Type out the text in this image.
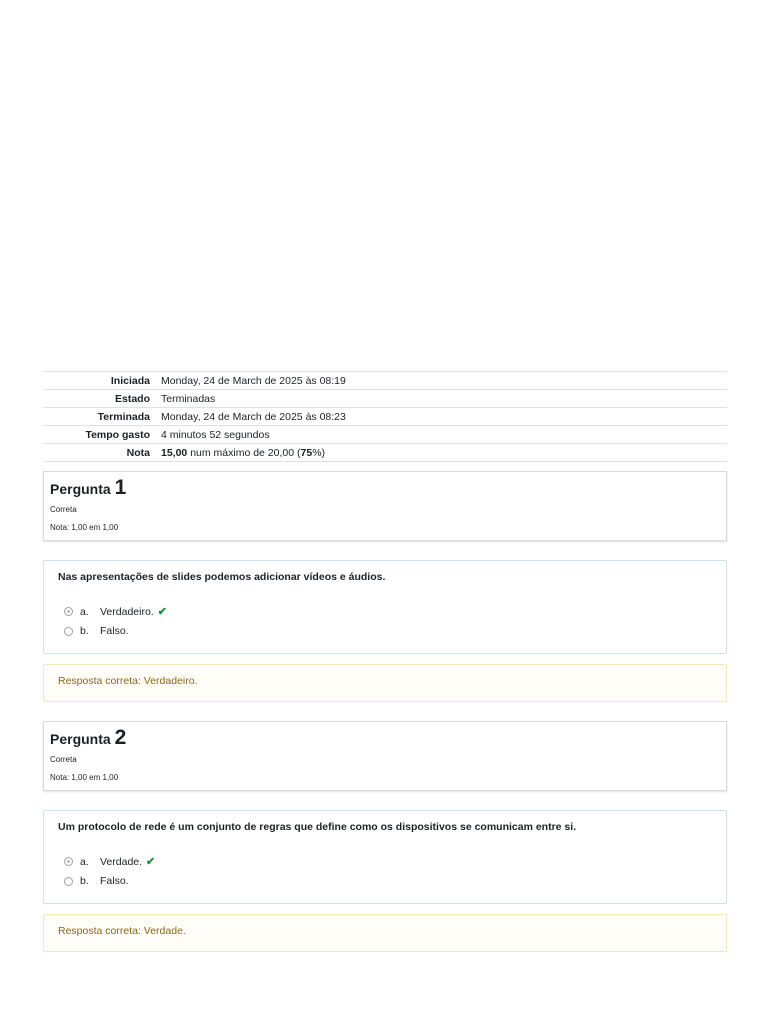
Iniciada	Monday, 24 de March de 2025 às 08:19
Estado	Terminadas
Terminada	Monday, 24 de March de 2025 às 08:23
Tempo gasto	4 minutos 52 segundos
Nota	15,00 num máximo de 20,00 (75%)
Pergunta 1
Correta
Nota: 1,00 em 1,00
Nas apresentações de slides podemos adicionar vídeos e áudios.
a.	Verdadeiro. ✔
b.	Falso.
Resposta correta: Verdadeiro.
Pergunta 2
Correta
Nota: 1,00 em 1,00
Um protocolo de rede é um conjunto de regras que define como os dispositivos se comunicam entre si.
a.	Verdade. ✔
b.	Falso.
Resposta correta: Verdade.
